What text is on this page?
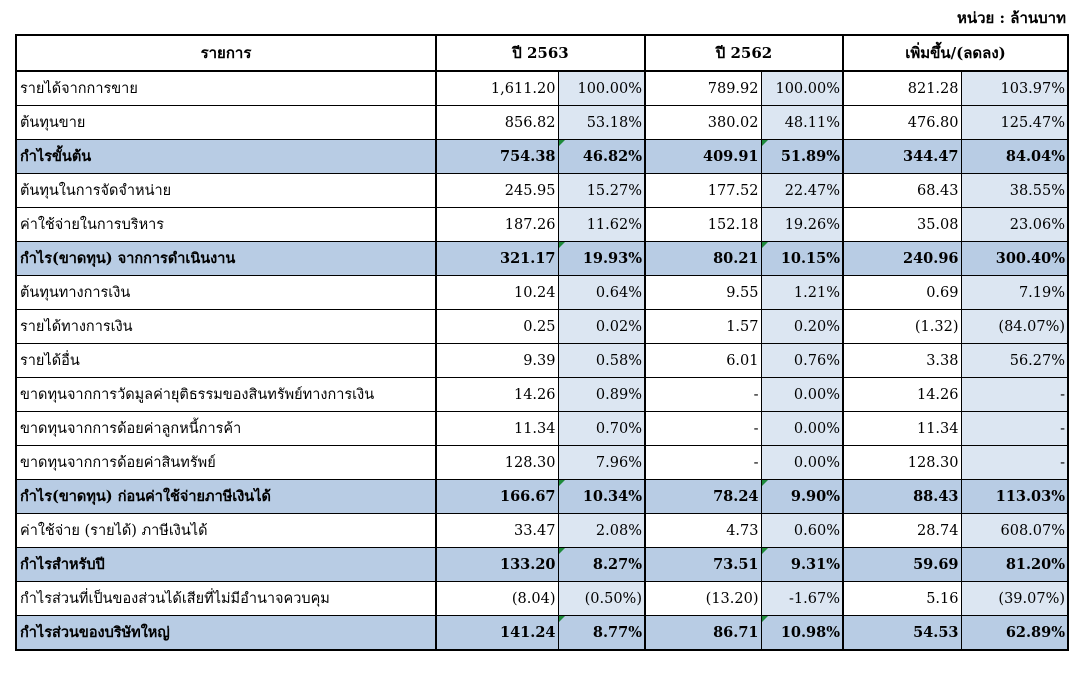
หน่วย : ล้านบาท
รายการ	ปี 2563		ปี 2562		เพิ่มขึ้น/(ลดลง)	
รายได้จากการขาย	1,611.20	100.00%	789.92	100.00%	821.28	103.97%
ต้นทุนขาย	856.82	53.18%	380.02	48.11%	476.80	125.47%
กำไรขั้นต้น	754.38	46.82%	409.91	51.89%	344.47	84.04%
ต้นทุนในการจัดจำหน่าย	245.95	15.27%	177.52	22.47%	68.43	38.55%
ค่าใช้จ่ายในการบริหาร	187.26	11.62%	152.18	19.26%	35.08	23.06%
กำไร(ขาดทุน) จากการดำเนินงาน	321.17	19.93%	80.21	10.15%	240.96	300.40%
ต้นทุนทางการเงิน	10.24	0.64%	9.55	1.21%	0.69	7.19%
รายได้ทางการเงิน	0.25	0.02%	1.57	0.20%	(1.32)	(84.07%)
รายได้อื่น	9.39	0.58%	6.01	0.76%	3.38	56.27%
ขาดทุนจากการวัดมูลค่ายุติธรรมของสินทรัพย์ทางการเงิน	14.26	0.89%	-	0.00%	14.26	-
ขาดทุนจากการด้อยค่าลูกหนี้การค้า	11.34	0.70%	-	0.00%	11.34	-
ขาดทุนจากการด้อยค่าสินทรัพย์	128.30	7.96%	-	0.00%	128.30	-
กำไร(ขาดทุน) ก่อนค่าใช้จ่ายภาษีเงินได้	166.67	10.34%	78.24	9.90%	88.43	113.03%
ค่าใช้จ่าย (รายได้) ภาษีเงินได้	33.47	2.08%	4.73	0.60%	28.74	608.07%
กำไรสำหรับปี	133.20	8.27%	73.51	9.31%	59.69	81.20%
กำไรส่วนที่เป็นของส่วนได้เสียที่ไม่มีอำนาจควบคุม	(8.04)	(0.50%)	(13.20)	-1.67%	5.16	(39.07%)
กำไรส่วนของบริษัทใหญ่	141.24	8.77%	86.71	10.98%	54.53	62.89%
